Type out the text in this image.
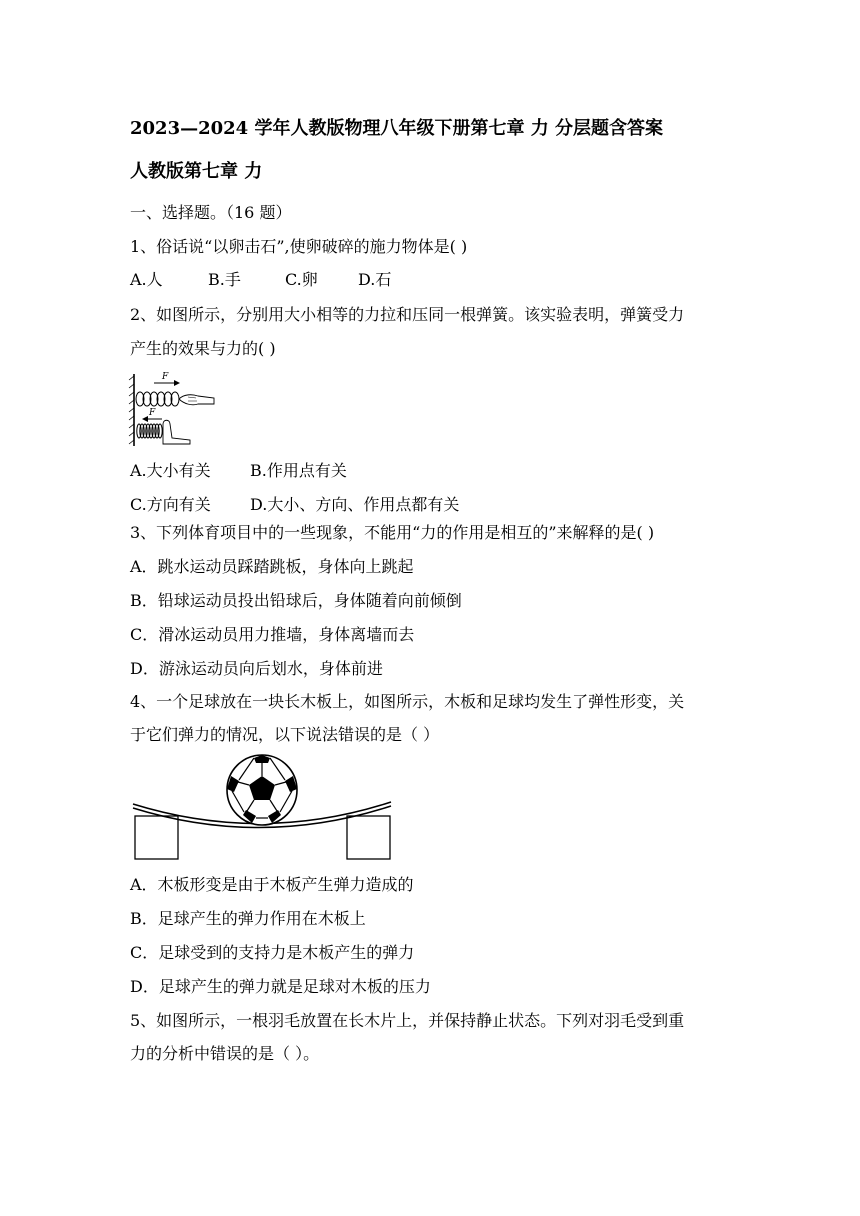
2023—2024 学年人教版物理八年级下册第七章 力 分层题含答案
人教版第七章 力
一、选择题。（16 题）
1、俗话说“以卵击石”,使卵破碎的施力物体是( )
A.人	B.手	C.卵	D.石
2、如图所示，分别用大小相等的力拉和压同一根弹簧。该实验表明，弹簧受力
产生的效果与力的( )
F
F
A.大小有关 B.作用点有关
C.方向有关 D.大小、方向、作用点都有关
3、下列体育项目中的一些现象，不能用“力的作用是相互的”来解释的是( )
A．跳水运动员踩踏跳板，身体向上跳起
B．铅球运动员投出铅球后，身体随着向前倾倒
C．滑冰运动员用力推墙，身体离墙而去
D．游泳运动员向后划水，身体前进
4、一个足球放在一块长木板上，如图所示，木板和足球均发生了弹性形变，关
于它们弹力的情况，以下说法错误的是（ ）
A．木板形变是由于木板产生弹力造成的
B．足球产生的弹力作用在木板上
C．足球受到的支持力是木板产生的弹力
D．足球产生的弹力就是足球对木板的压力
5、如图所示，一根羽毛放置在长木片上，并保持静止状态。下列对羽毛受到重
力的分析中错误的是（ ）。
